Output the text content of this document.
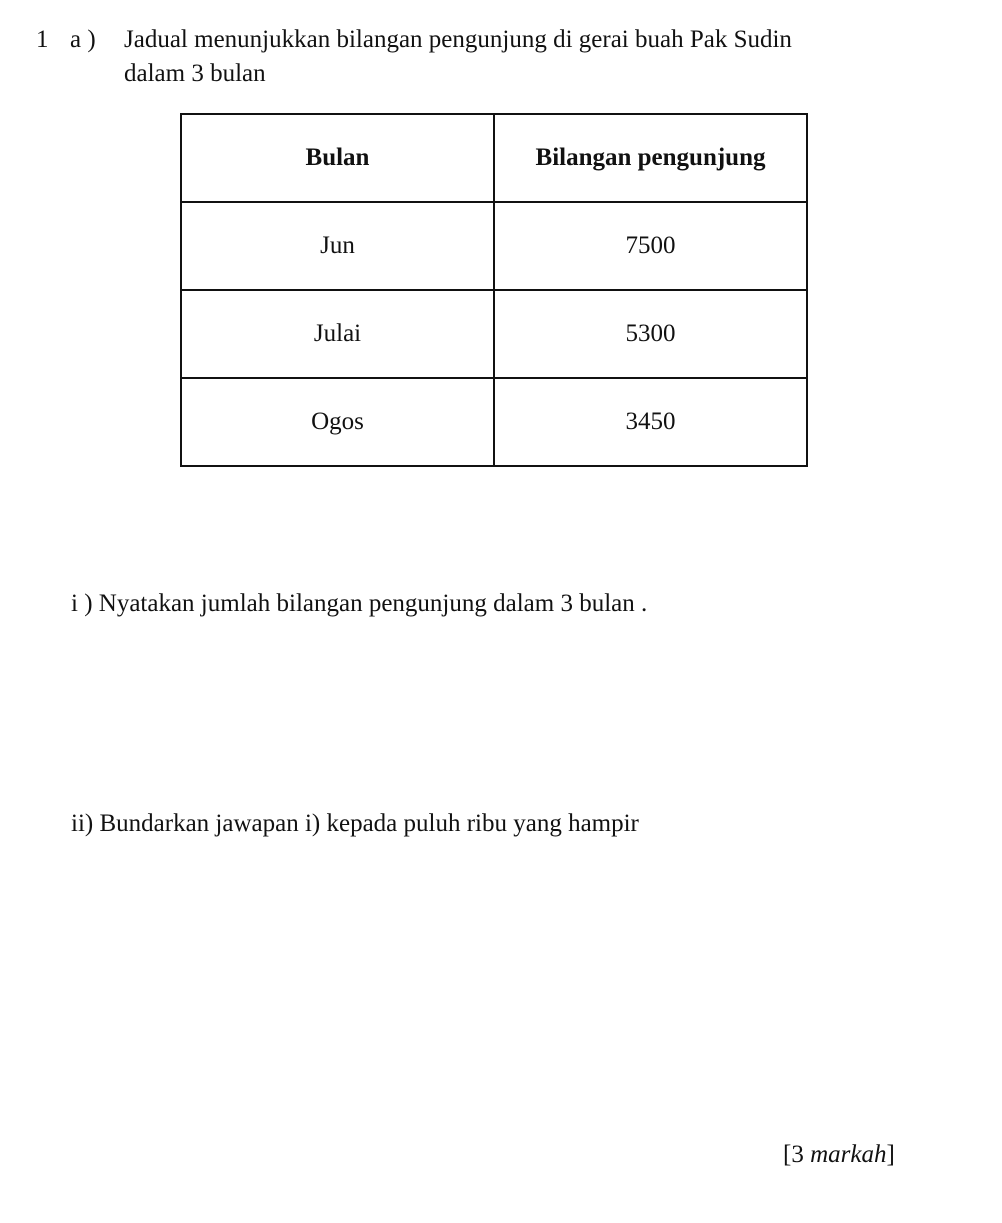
1 a ) Jadual menunjukkan bilangan pengunjung di gerai buah Pak Sudin
dalam 3 bulan
Bulan	Bilangan pengunjung
Jun	7500
Julai	5300
Ogos	3450
i ) Nyatakan jumlah bilangan pengunjung dalam 3 bulan .
ii) Bundarkan jawapan i) kepada puluh ribu yang hampir
[3 markah]
